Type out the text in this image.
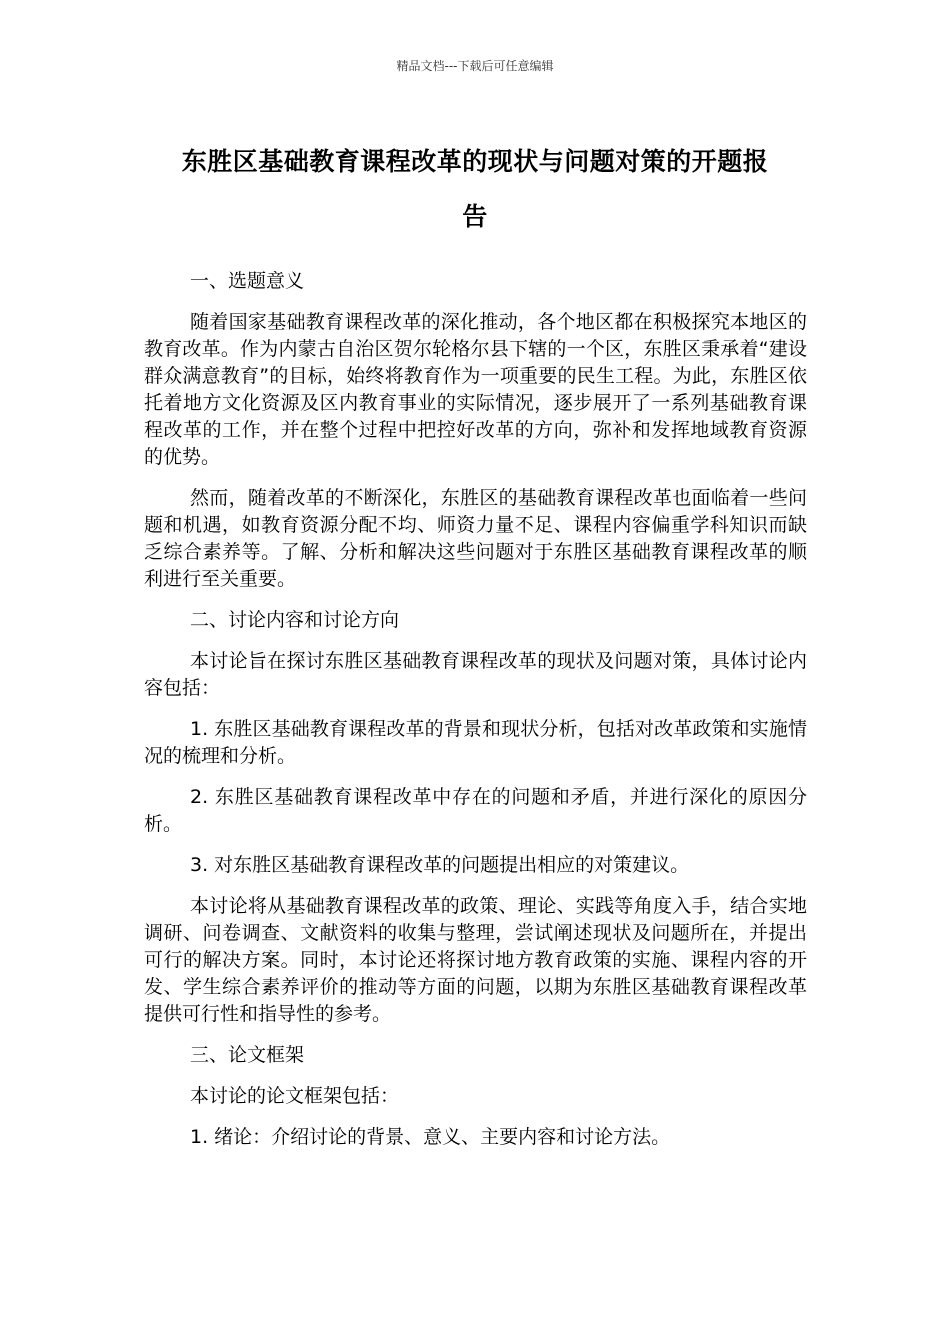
精品文档---下载后可任意编辑
东胜区基础教育课程改革的现状与问题对策的开题报
告

一、选题意义

随着国家基础教育课程改革的深化推动，各个地区都在积极探究本地区的教育改革。作为内蒙古自治区贺尔轮格尔县下辖的一个区，东胜区秉承着“建设群众满意教育”的目标，始终将教育作为一项重要的民生工程。为此，东胜区依托着地方文化资源及区内教育事业的实际情况，逐步展开了一系列基础教育课程改革的工作，并在整个过程中把控好改革的方向，弥补和发挥地域教育资源的优势。

然而，随着改革的不断深化，东胜区的基础教育课程改革也面临着一些问题和机遇，如教育资源分配不均、师资力量不足、课程内容偏重学科知识而缺乏综合素养等。了解、分析和解决这些问题对于东胜区基础教育课程改革的顺利进行至关重要。

二、讨论内容和讨论方向

本讨论旨在探讨东胜区基础教育课程改革的现状及问题对策，具体讨论内容包括：

1. 东胜区基础教育课程改革的背景和现状分析，包括对改革政策和实施情况的梳理和分析。

2. 东胜区基础教育课程改革中存在的问题和矛盾，并进行深化的原因分析。

3. 对东胜区基础教育课程改革的问题提出相应的对策建议。

本讨论将从基础教育课程改革的政策、理论、实践等角度入手，结合实地调研、问卷调查、文献资料的收集与整理，尝试阐述现状及问题所在，并提出可行的解决方案。同时，本讨论还将探讨地方教育政策的实施、课程内容的开发、学生综合素养评价的推动等方面的问题，以期为东胜区基础教育课程改革提供可行性和指导性的参考。

三、论文框架

本讨论的论文框架包括：

1. 绪论：介绍讨论的背景、意义、主要内容和讨论方法。
